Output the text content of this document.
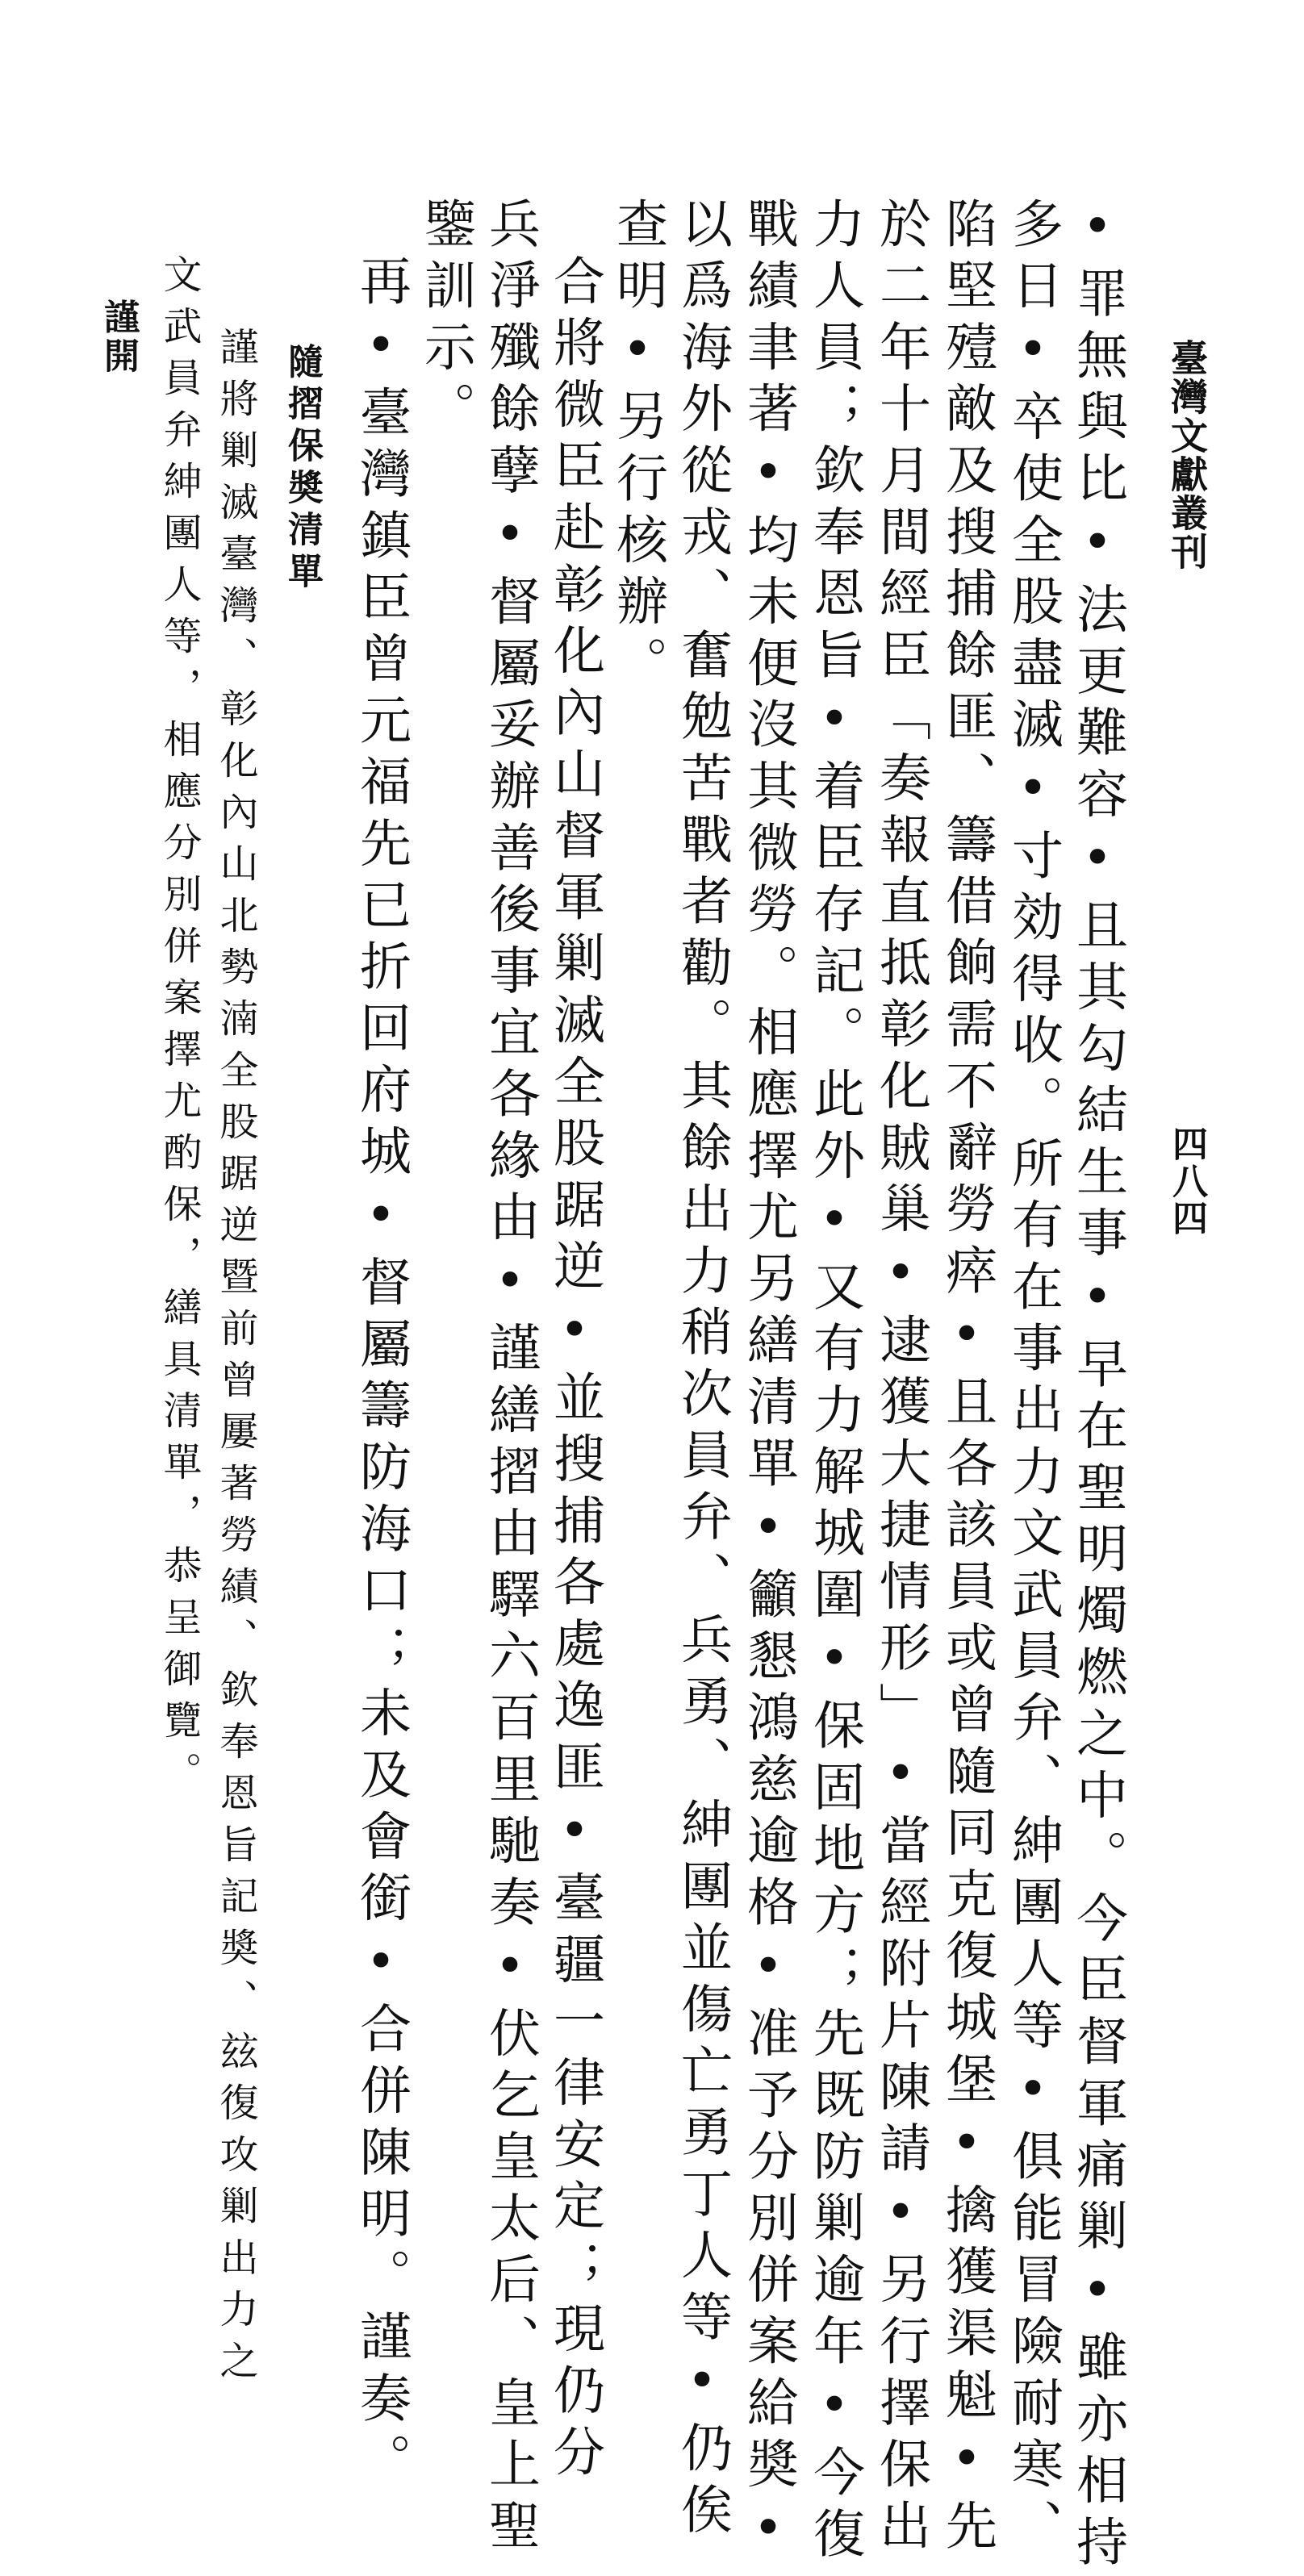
臺灣文獻叢刊
四八四
•罪無與比•法更難容•且其勾結生事•早在聖明燭燃之中。今臣督軍痛剿•雖亦相持
多日•卒使全股盡滅•寸効得收。所有在事出力文武員弁、紳團人等•俱能冒險耐寒、
陷堅殪敵及搜捕餘匪、籌借餉需不辭勞瘁•且各該員或曾隨同克復城堡•擒獲渠魁•先
於二年十月間經臣「奏報直抵彰化賊巢•逮獲大捷情形」•當經附片陳請•另行擇保出
力人員；欽奉恩旨•着臣存記。此外•又有力解城圍•保固地方；先既防剿逾年•今復
戰績聿著•均未便沒其微勞。相應擇尤另繕清單•籲懇鴻慈逾格•准予分別併案給奬•
以爲海外從戎、奮勉苦戰者勸。其餘出力稍次員弁、兵勇、紳團並傷亡勇丁人等•仍俟
查明•另行核辦。
合將微臣赴彰化內山督軍剿滅全股踞逆•並搜捕各處逸匪•臺疆一律安定；現仍分
兵淨殲餘孽•督屬妥辦善後事宜各緣由•謹繕摺由驛六百里馳奏•伏乞皇太后、皇上聖
鑒訓示。
再•臺灣鎮臣曾元福先已折回府城•督屬籌防海口；未及會銜•合併陳明。謹奏。
隨摺保奬清單
謹將剿滅臺灣、彰化內山北勢湳全股踞逆暨前曾屢著勞績、欽奉恩旨記奬、玆復攻剿出力之
文武員弁紳團人等，相應分別併案擇尤酌保，繕具清單，恭呈御覽。
謹開
